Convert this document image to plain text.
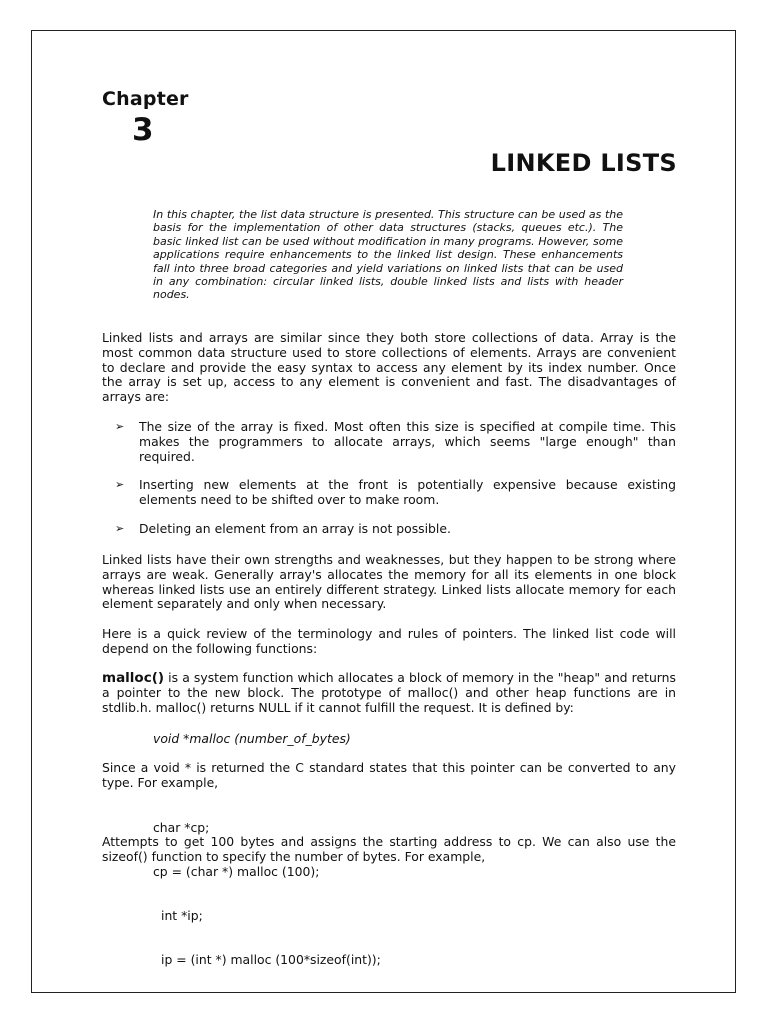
Chapter
3
LINKED LISTS

In this chapter, the list data structure is presented. This structure can be used as the basis for the implementation of other data structures (stacks, queues etc.). The basic linked list can be used without modification in many programs. However, some applications require enhancements to the linked list design. These enhancements fall into three broad categories and yield variations on linked lists that can be used in any combination: circular linked lists, double linked lists and lists with header nodes.

Linked lists and arrays are similar since they both store collections of data. Array is the most common data structure used to store collections of elements. Arrays are convenient to declare and provide the easy syntax to access any element by its index number. Once the array is set up, access to any element is convenient and fast. The disadvantages of arrays are:

➢ The size of the array is fixed. Most often this size is specified at compile time. This makes the programmers to allocate arrays, which seems "large enough" than required.
➢ Inserting new elements at the front is potentially expensive because existing elements need to be shifted over to make room.
➢ Deleting an element from an array is not possible.

Linked lists have their own strengths and weaknesses, but they happen to be strong where arrays are weak. Generally array's allocates the memory for all its elements in one block whereas linked lists use an entirely different strategy. Linked lists allocate memory for each element separately and only when necessary.

Here is a quick review of the terminology and rules of pointers. The linked list code will depend on the following functions:

malloc() is a system function which allocates a block of memory in the "heap" and returns a pointer to the new block. The prototype of malloc() and other heap functions are in stdlib.h. malloc() returns NULL if it cannot fulfill the request. It is defined by:

void *malloc (number_of_bytes)

Since a void * is returned the C standard states that this pointer can be converted to any type. For example,

char *cp;

cp = (char *) malloc (100);

Attempts to get 100 bytes and assigns the starting address to cp. We can also use the sizeof() function to specify the number of bytes. For example,

int *ip;

ip = (int *) malloc (100*sizeof(int));
